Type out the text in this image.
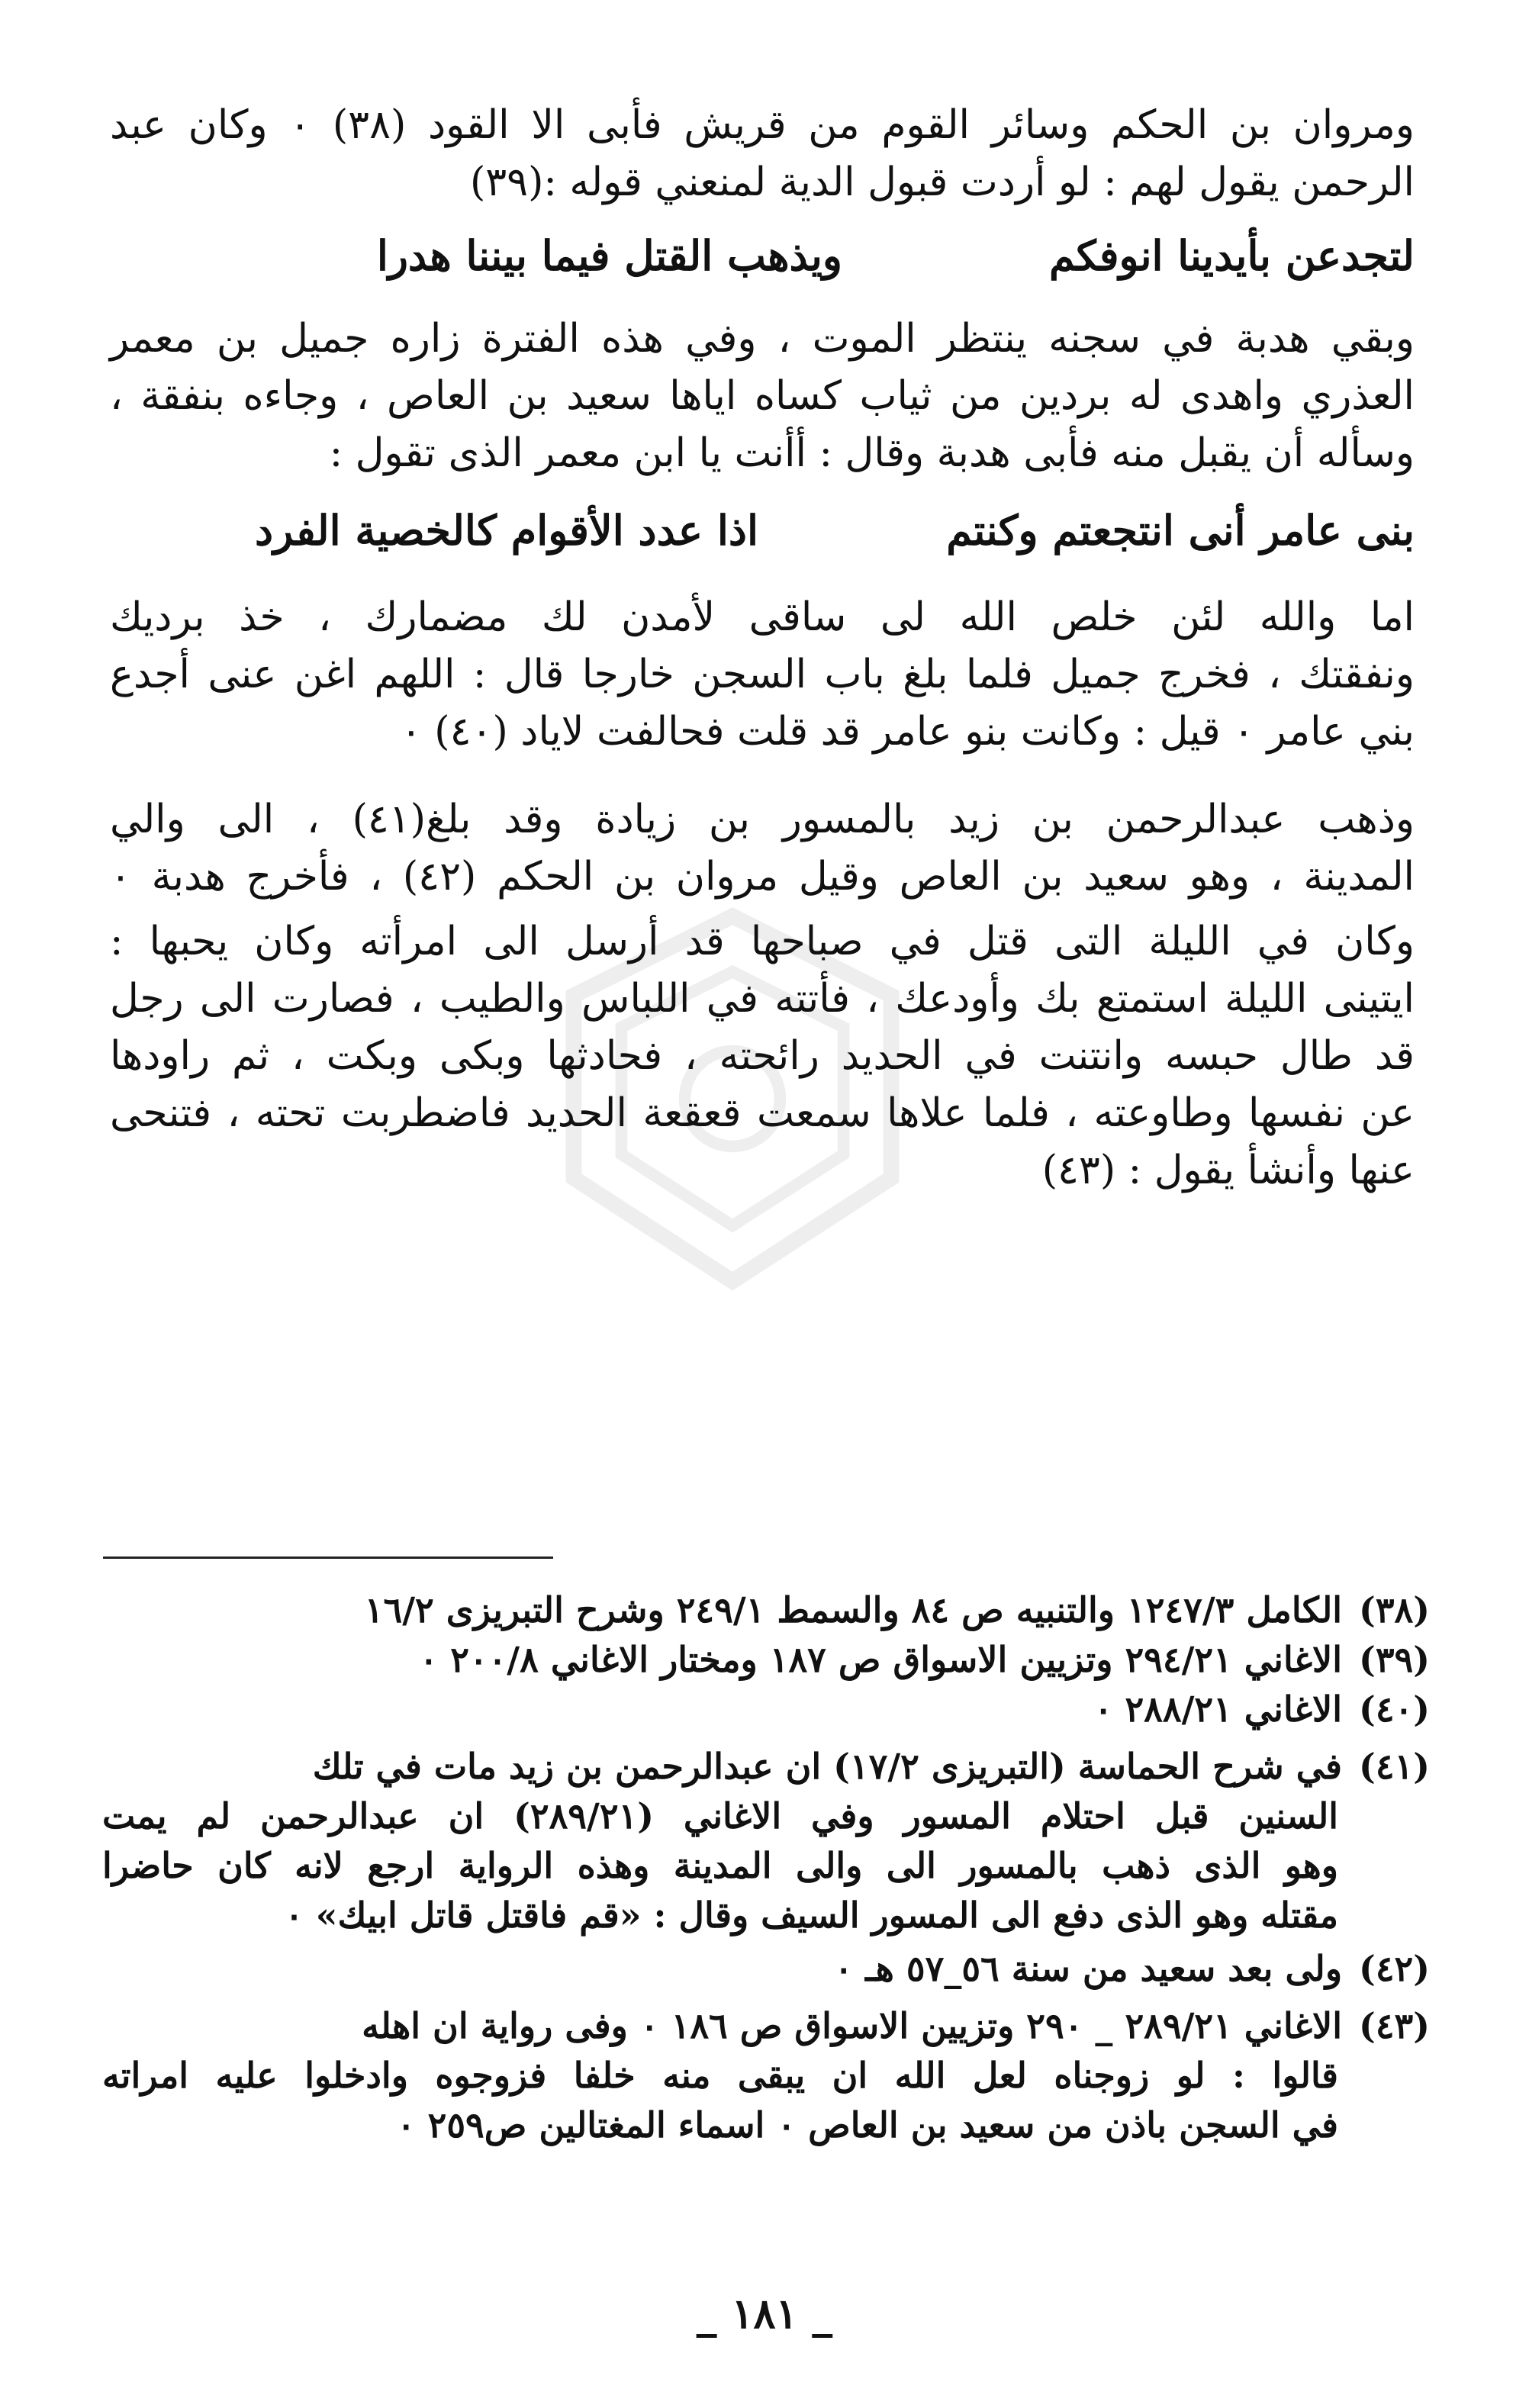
ومروان بن الحكم وسائر القوم من قريش فأبى الا القود (٣٨) ٠ وكان عبد
الرحمن يقول لهم : لو أردت قبول الدية لمنعني قوله :(٣٩)
لتجدعن بأيدينا انوفكم
ويذهب القتل فيما بيننا هدرا
وبقي هدبة في سجنه ينتظر الموت ، وفي هذه الفترة زاره جميل بن معمر
العذري واهدى له بردين من ثياب كساه اياها سعيد بن العاص ، وجاءه بنفقة ،
وسأله أن يقبل منه فأبى هدبة وقال : أأنت يا ابن معمر الذى تقول :
بنى عامر أنى انتجعتم وكنتم
اذا عدد الأقوام كالخصية الفرد
اما والله لئن خلص الله لى ساقى لأمدن لك مضمارك ، خذ برديك
ونفقتك ، فخرج جميل فلما بلغ باب السجن خارجا قال : اللهم اغن عنى أجدع
بني عامر ٠ قيل : وكانت بنو عامر قد قلت فحالفت لاياد (٤٠) ٠
وذهب عبدالرحمن بن زيد بالمسور بن زيادة وقد بلغ(٤١) ، الى والي
المدينة ، وهو سعيد بن العاص وقيل مروان بن الحكم (٤٢) ، فأخرج هدبة ٠
وكان في الليلة التى قتل في صباحها قد أرسل الى امرأته وكان يحبها :
ايتينى الليلة استمتع بك وأودعك ، فأتته في اللباس والطيب ، فصارت الى رجل
قد طال حبسه وانتنت في الحديد رائحته ، فحادثها وبكى وبكت ، ثم راودها
عن نفسها وطاوعته ، فلما علاها سمعت قعقعة الحديد فاضطربت تحته ، فتنحى
عنها وأنشأ يقول : (٤٣)
(٣٨)الكامل ١٢٤٧/٣ والتنبيه ص ٨٤ والسمط ٢٤٩/١ وشرح التبريزى ١٦/٢
(٣٩)الاغاني ٢٩٤/٢١ وتزيين الاسواق ص ١٨٧ ومختار الاغاني ٢٠٠/٨ ٠
(٤٠)الاغاني ٢٨٨/٢١ ٠
(٤١)في شرح الحماسة (التبريزى ١٧/٢) ان عبدالرحمن بن زيد مات في تلك
السنين قبل احتلام المسور وفي الاغاني (٢٨٩/٢١) ان عبدالرحمن لم يمت
وهو الذى ذهب بالمسور الى والى المدينة وهذه الرواية ارجع لانه كان حاضرا
مقتله وهو الذى دفع الى المسور السيف وقال : «قم فاقتل قاتل ابيك» ٠
(٤٢)ولى بعد سعيد من سنة ٥٦_٥٧ هـ ٠
(٤٣)الاغاني ٢٨٩/٢١ _ ٢٩٠ وتزيين الاسواق ص ١٨٦ ٠ وفى رواية ان اهله
قالوا : لو زوجناه لعل الله ان يبقى منه خلفا فزوجوه وادخلوا عليه امراته
في السجن باذن من سعيد بن العاص ٠ اسماء المغتالين ص٢٥٩ ٠
_ ١٨١ _
